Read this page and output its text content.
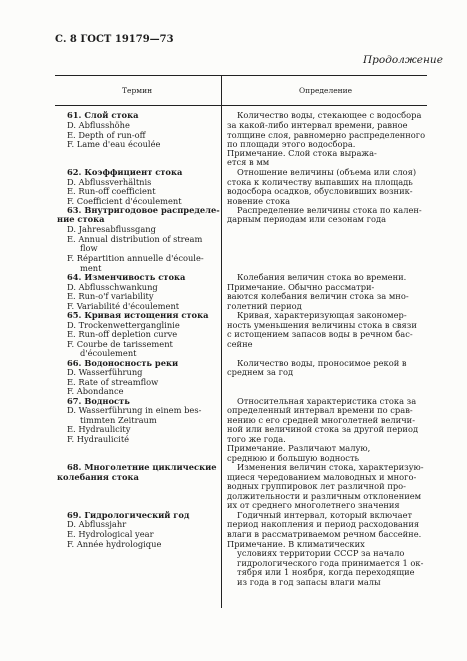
С. 8 ГОСТ 19179—73
Продолжение
Термин	Определение
61. Слой стока
D. Abflusshöhe
E. Depth of run-off
F. Lame d'eau écoulée
62. Коэффициент стока
D. Abflussverhältnis
E. Run-off coefficient
F. Coefficient d'écoulement
63. Внутригодовое распределе-
ние стока
D. Jahresabflussgang
E. Annual distribution of stream
flow
F. Répartition annuelle d'écoule-
ment
64. Изменчивость стока
D. Abflusschwankung
E. Run-o'f variability
F. Variabilité d'écoulement
65. Кривая истощения стока
D. Trockenwetterganglinie
E. Run-off depletion curve
F. Courbe de tarissement
d'écoulement
66. Водоносность реки
D. Wasserführung
E. Rate of streamflow
F. Abondance
67. Водность
D. Wasserführung in einem bes-
timmten Zeitraum
E. Hydraulicity
F. Hydraulicité
68. Многолетние циклические
колебания стока
69. Гидрологический год
D. Abflussjahr
E. Hydrological year
F. Année hydrologique
Количество воды, стекающее с водосбора
за какой-либо интервал времени, равное
толщине слоя, равномерно распределенного
по площади этого водосбора.
Примечание. Слой стока выража-
ется в мм
Отношение величины (объема или слоя)
стока к количеству выпавших на площадь
водосбора осадков, обусловивших возник-
новение стока
Распределение величины стока по кален-
дарным периодам или сезонам года
Колебания величин стока во времени.
Примечание. Обычно рассматри-
ваются колебания величин стока за мно-
голетний период
Кривая, характеризующая закономер-
ность уменьшения величины стока в связи
с истощением запасов воды в речном бас-
сейне
Количество воды, проносимое рекой в
среднем за год
Относительная характеристика стока за
определенный интервал времени по срав-
нению с его средней многолетней величи-
ной или величиной стока за другой период
того же года.
Примечание. Различают малую,
среднюю и большую водность
Изменения величин стока, характеризую-
щиеся чередованием маловодных и много-
водных группировок лет различной про-
должительности и различным отклонением
их от среднего многолетнего значения
Годичный интервал, который включает
период накопления и период расходования
влаги в рассматриваемом речном бассейне.
Примечание. В климатических
условиях территории СССР за начало
гидрологического года принимается 1 ок-
тября или 1 ноября, когда переходящие
из года в год запасы влаги малы
